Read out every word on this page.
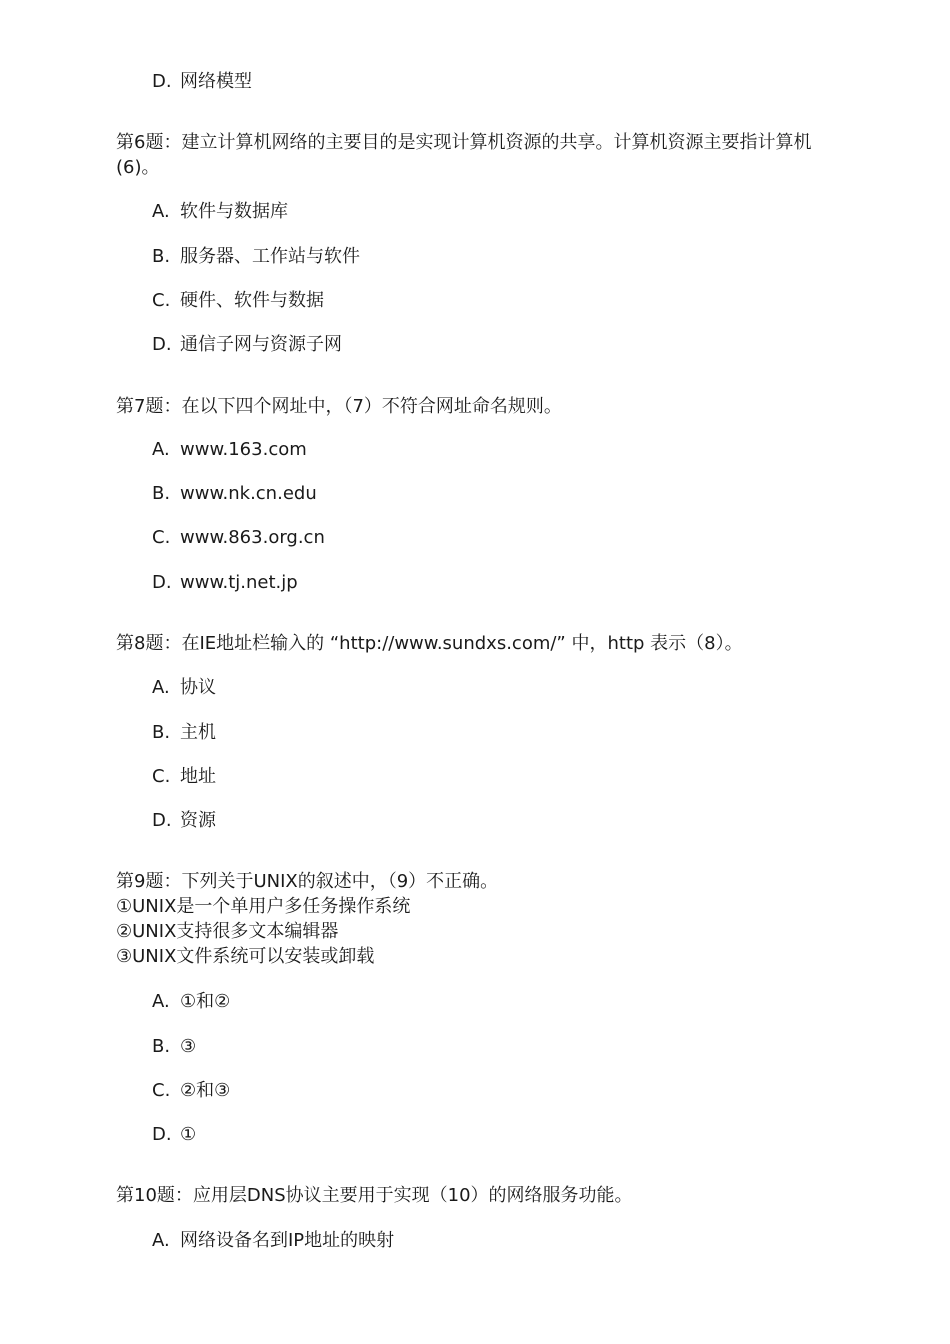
D. 网络模型
第6题：建立计算机网络的主要目的是实现计算机资源的共享。计算机资源主要指计算机
(6)。
A. 软件与数据库
B. 服务器、工作站与软件
C. 硬件、软件与数据
D. 通信子网与资源子网
第7题：在以下四个网址中，（7）不符合网址命名规则。
A. www.163.com
B. www.nk.cn.edu
C. www.863.org.cn
D. www.tj.net.jp
第8题：在IE地址栏输入的 “http://www.sundxs.com/” 中，http 表示（8）。
A. 协议
B. 主机
C. 地址
D. 资源
第9题：下列关于UNIX的叙述中，（9）不正确。
①UNIX是一个单用户多任务操作系统
②UNIX支持很多文本编辑器
③UNIX文件系统可以安装或卸载
A. ①和②
B. ③
C. ②和③
D. ①
第10题：应用层DNS协议主要用于实现（10）的网络服务功能。
A. 网络设备名到IP地址的映射
